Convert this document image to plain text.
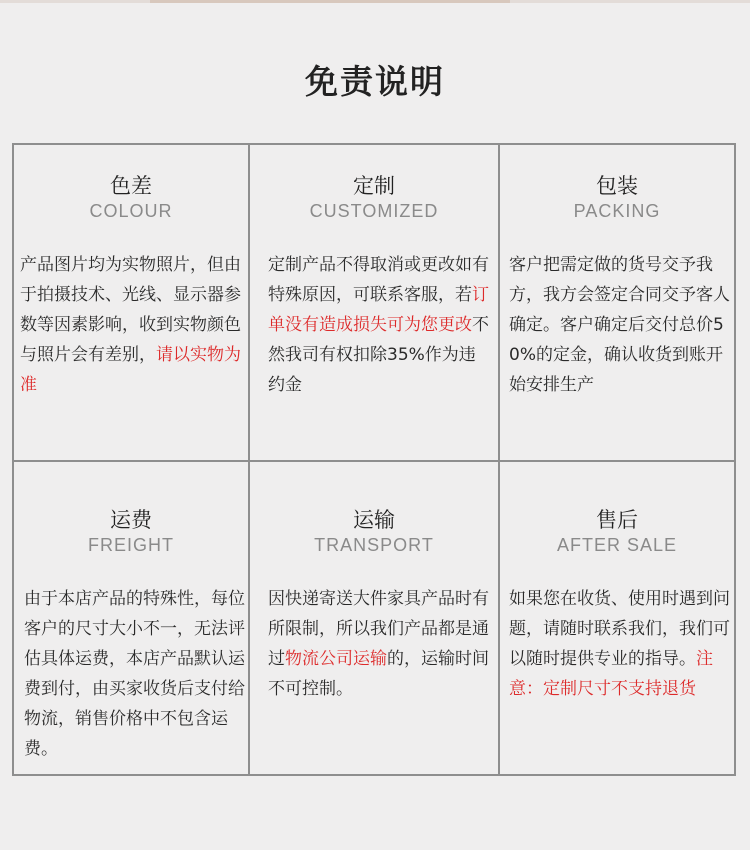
免责说明
色差
COLOUR
产品图片均为实物照片，但由于拍摄技术、光线、显示器参数等因素影响，收到实物颜色与照片会有差别，请以实物为准
定制
CUSTOMIZED
定制产品不得取消或更改如有特殊原因，可联系客服，若订单没有造成损失可为您更改不然我司有权扣除35%作为违约金
包装
PACKING
客户把需定做的货号交予我方，我方会签定合同交予客人确定。客户确定后交付总价50%的定金，确认收货到账开始安排生产
运费
FREIGHT
由于本店产品的特殊性，每位客户的尺寸大小不一，无法评估具体运费，本店产品默认运费到付，由买家收货后支付给物流，销售价格中不包含运费。
运输
TRANSPORT
因快递寄送大件家具产品时有所限制，所以我们产品都是通过物流公司运输的，运输时间不可控制。
售后
AFTER SALE
如果您在收货、使用时遇到问题，请随时联系我们，我们可以随时提供专业的指导。注意：定制尺寸不支持退货
